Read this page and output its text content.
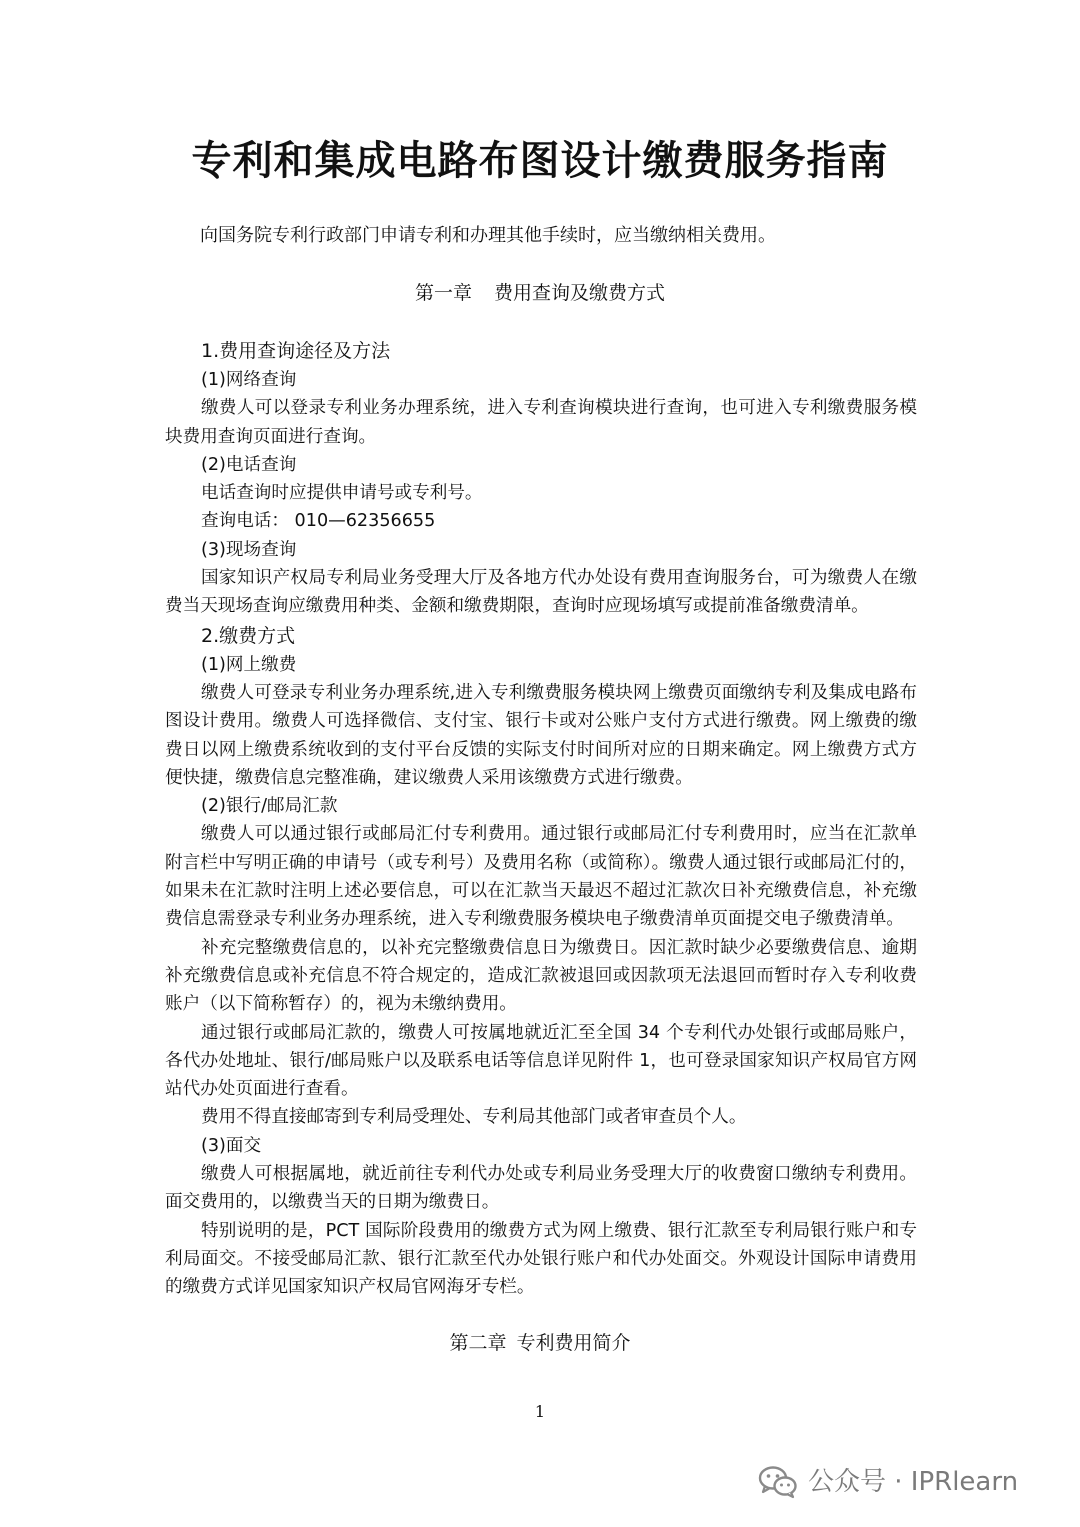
专利和集成电路布图设计缴费服务指南
向国务院专利行政部门申请专利和办理其他手续时，应当缴纳相关费用。
第一章 费用查询及缴费方式

1.费用查询途径及方法

(1)网络查询

缴费人可以登录专利业务办理系统，进入专利查询模块进行查询，也可进入专利缴费服务模块费用查询页面进行查询。

(2)电话查询

电话查询时应提供申请号或专利号。

查询电话： 010—62356655

(3)现场查询

国家知识产权局专利局业务受理大厅及各地方代办处设有费用查询服务台，可为缴费人在缴费当天现场查询应缴费用种类、金额和缴费期限，查询时应现场填写或提前准备缴费清单。

2.缴费方式

(1)网上缴费

缴费人可登录专利业务办理系统,进入专利缴费服务模块网上缴费页面缴纳专利及集成电路布图设计费用。缴费人可选择微信、支付宝、银行卡或对公账户支付方式进行缴费。网上缴费的缴费日以网上缴费系统收到的支付平台反馈的实际支付时间所对应的日期来确定。网上缴费方式方便快捷，缴费信息完整准确，建议缴费人采用该缴费方式进行缴费。

(2)银行/邮局汇款

缴费人可以通过银行或邮局汇付专利费用。通过银行或邮局汇付专利费用时，应当在汇款单附言栏中写明正确的申请号（或专利号）及费用名称（或简称）。缴费人通过银行或邮局汇付的，如果未在汇款时注明上述必要信息，可以在汇款当天最迟不超过汇款次日补充缴费信息，补充缴费信息需登录专利业务办理系统，进入专利缴费服务模块电子缴费清单页面提交电子缴费清单。

补充完整缴费信息的，以补充完整缴费信息日为缴费日。因汇款时缺少必要缴费信息、逾期补充缴费信息或补充信息不符合规定的，造成汇款被退回或因款项无法退回而暂时存入专利收费账户（以下简称暂存）的，视为未缴纳费用。

通过银行或邮局汇款的，缴费人可按属地就近汇至全国 34 个专利代办处银行或邮局账户，各代办处地址、银行/邮局账户以及联系电话等信息详见附件 1，也可登录国家知识产权局官方网站代办处页面进行查看。

费用不得直接邮寄到专利局受理处、专利局其他部门或者审查员个人。

(3)面交

缴费人可根据属地，就近前往专利代办处或专利局业务受理大厅的收费窗口缴纳专利费用。面交费用的，以缴费当天的日期为缴费日。

特别说明的是，PCT 国际阶段费用的缴费方式为网上缴费、银行汇款至专利局银行账户和专利局面交。不接受邮局汇款、银行汇款至代办处银行账户和代办处面交。外观设计国际申请费用的缴费方式详见国家知识产权局官网海牙专栏。

第二章 专利费用简介
1
公众号 · IPRlearn
